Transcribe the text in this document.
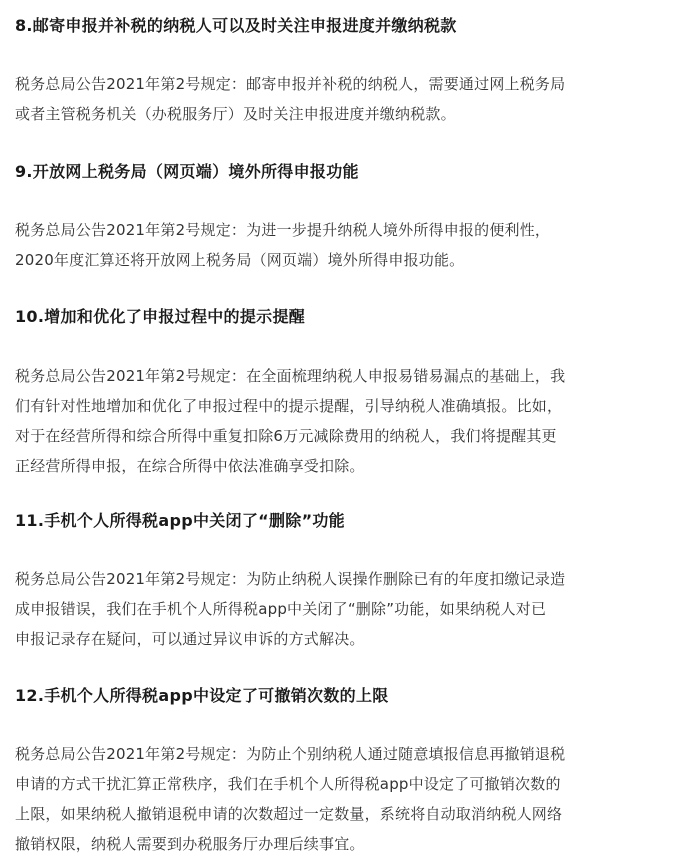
8.邮寄申报并补税的纳税人可以及时关注申报进度并缴纳税款
税务总局公告2021年第2号规定：邮寄申报并补税的纳税人，需要通过网上税务局
或者主管税务机关（办税服务厅）及时关注申报进度并缴纳税款。
9.开放网上税务局（网页端）境外所得申报功能
税务总局公告2021年第2号规定：为进一步提升纳税人境外所得申报的便利性，
2020年度汇算还将开放网上税务局（网页端）境外所得申报功能。
10.增加和优化了申报过程中的提示提醒
税务总局公告2021年第2号规定：在全面梳理纳税人申报易错易漏点的基础上，我
们有针对性地增加和优化了申报过程中的提示提醒，引导纳税人准确填报。比如，
对于在经营所得和综合所得中重复扣除6万元减除费用的纳税人，我们将提醒其更
正经营所得申报，在综合所得中依法准确享受扣除。
11.手机个人所得税app中关闭了“删除”功能
税务总局公告2021年第2号规定：为防止纳税人误操作删除已有的年度扣缴记录造
成申报错误，我们在手机个人所得税app中关闭了“删除”功能，如果纳税人对已
申报记录存在疑问，可以通过异议申诉的方式解决。
12.手机个人所得税app中设定了可撤销次数的上限
税务总局公告2021年第2号规定：为防止个别纳税人通过随意填报信息再撤销退税
申请的方式干扰汇算正常秩序，我们在手机个人所得税app中设定了可撤销次数的
上限，如果纳税人撤销退税申请的次数超过一定数量，系统将自动取消纳税人网络
撤销权限，纳税人需要到办税服务厅办理后续事宜。
